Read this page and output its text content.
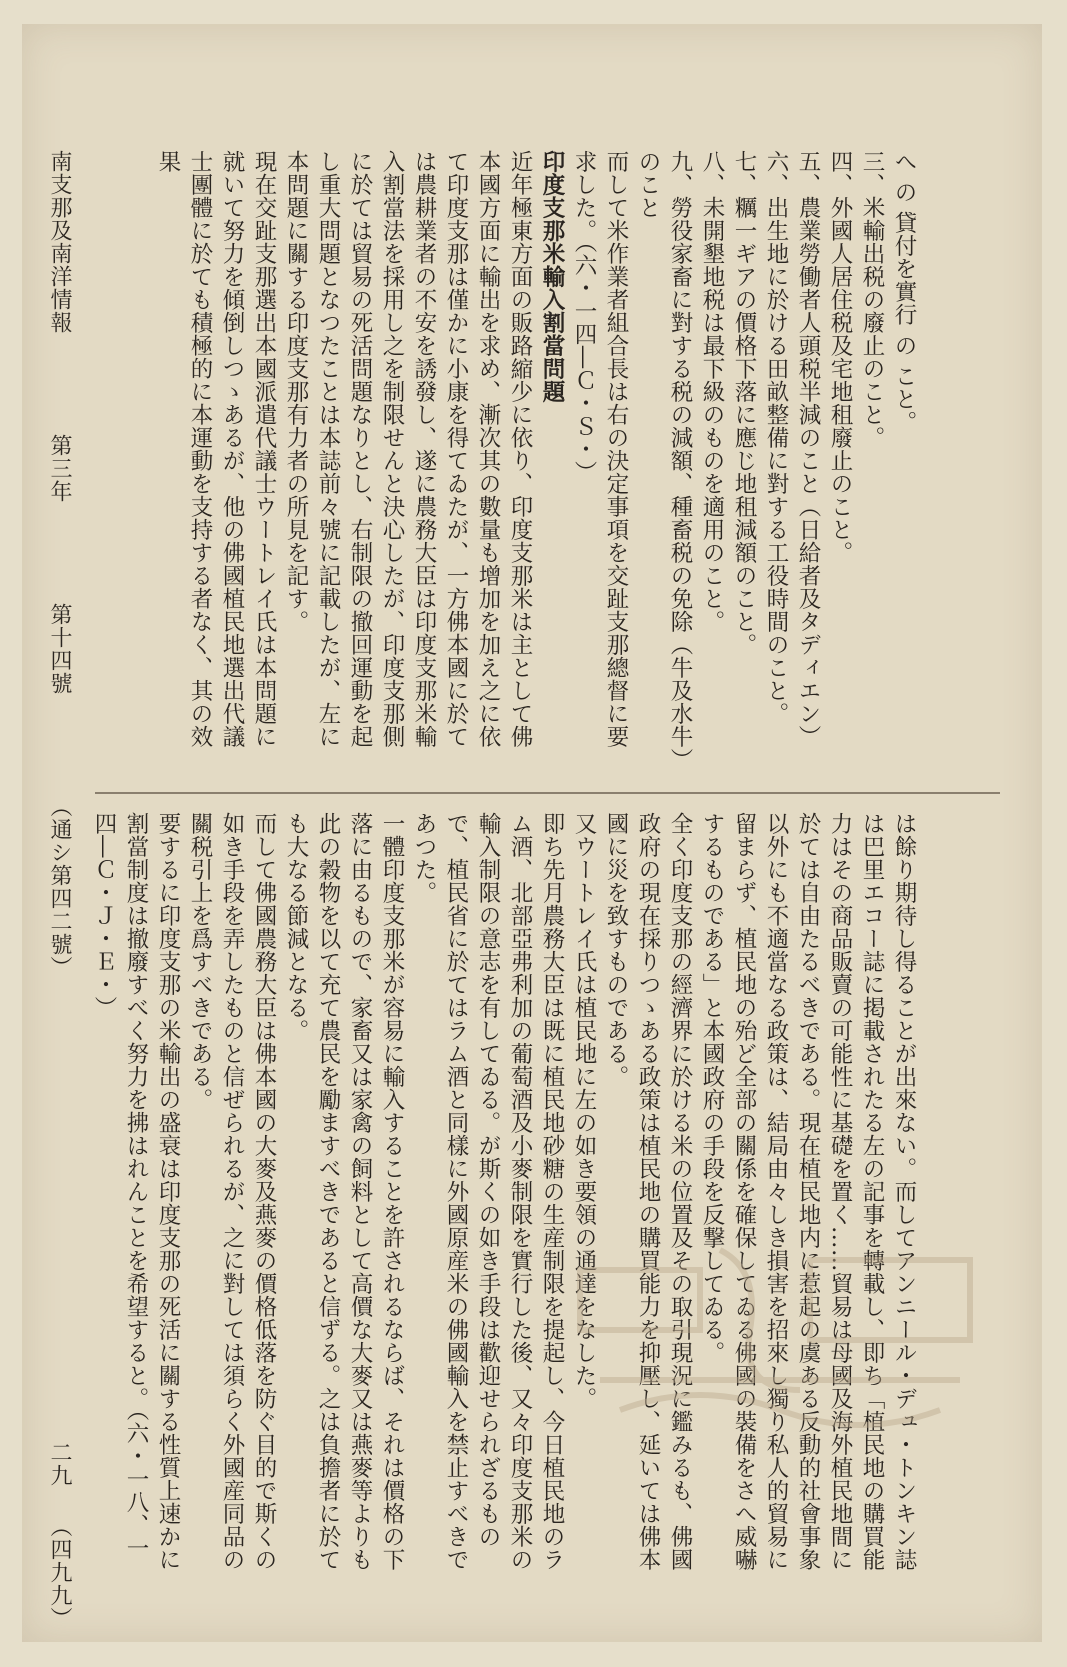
へ の 貸付を實行 の こと。

三、米輸出税の廢止のこと。

四、外國人居住税及宅地租廢止のこと。

五、農業勞働者人頭税半減のこと（日給者及タディエン）

六、出生地に於ける田畝整備に對する工役時間のこと。

七、糲一ギアの價格下落に應じ地租減額のこと。

八、未開墾地税は最下級のものを適用のこと。

九、勞役家畜に對する税の減額、種畜税の免除（牛及水牛）のこと

而して米作業者組合長は右の決定事項を交趾支那總督に要求した。（六・一四―Ｃ・Ｓ・）

印度支那米輸入割當問題

近年極東方面の販路縮少に依り、印度支那米は主として佛本國方面に輸出を求め、漸次其の數量も增加を加え之に依て印度支那は僅かに小康を得てゐたが、一方佛本國に於ては農耕業者の不安を誘發し、遂に農務大臣は印度支那米輸入割當法を採用し之を制限せんと決心したが、印度支那側に於ては貿易の死活問題なりとし、右制限の撤回運動を起し重大問題となつたことは本誌前々號に記載したが、左に本問題に關する印度支那有力者の所見を記す。

現在交趾支那選出本國派遣代議士ウートレイ氏は本問題に就いて努力を傾倒しつゝあるが、他の佛國植民地選出代議士團體に於ても積極的に本運動を支持する者なく、其の效果

は餘り期待し得ることが出來ない。而してアンニール・デュ・トンキン誌は巴里エコー誌に掲載されたる左の記事を轉載し、即ち「植民地の購買能力はその商品販賣の可能性に基礎を置く……貿易は母國及海外植民地間に於ては自由たるべきである。現在植民地内に惹起の虞ある反動的社會事象以外にも不適當なる政策は、結局由々しき損害を招來し獨り私人的貿易に留まらず、植民地の殆ど全部の關係を確保してゐる佛國の裝備をさへ威嚇するものである」と本國政府の手段を反撃してゐる。

全く印度支那の經濟界に於ける米の位置及その取引現況に鑑みるも、佛國政府の現在採りつゝある政策は植民地の購買能力を抑壓し、延いては佛本國に災を致すものである。

又ウートレイ氏は植民地に左の如き要領の通達をなした。

即ち先月農務大臣は既に植民地砂糖の生産制限を提起し、今日植民地のラム酒、北部亞弗利加の葡萄酒及小麥制限を實行した後、又々印度支那米の輸入制限の意志を有してゐる。が斯くの如き手段は歡迎せられざるもので、植民省に於てはラム酒と同樣に外國原産米の佛國輸入を禁止すべきであつた。

一體印度支那米が容易に輸入することを許されるならば、それは價格の下落に由るもので、家畜又は家禽の飼料として高價な大麥又は燕麥等よりも此の穀物を以て充て農民を勵ますべきであると信ずる。之は負擔者に於ても大なる節減となる。

而して佛國農務大臣は佛本國の大麥及燕麥の價格低落を防ぐ目的で斯くの如き手段を弄したものと信ぜられるが、之に對しては須らく外國産同品の關税引上を爲すべきである。

要するに印度支那の米輸出の盛衰は印度支那の死活に關する性質上速かに割當制度は撤廢すべく努力を拂はれんことを希望すると。（六・一八、一四―Ｃ・Ｊ・Ｅ・）

南支那及南洋情報
第三年
第十四號
（通シ第四二號）
二九
（四九九）
